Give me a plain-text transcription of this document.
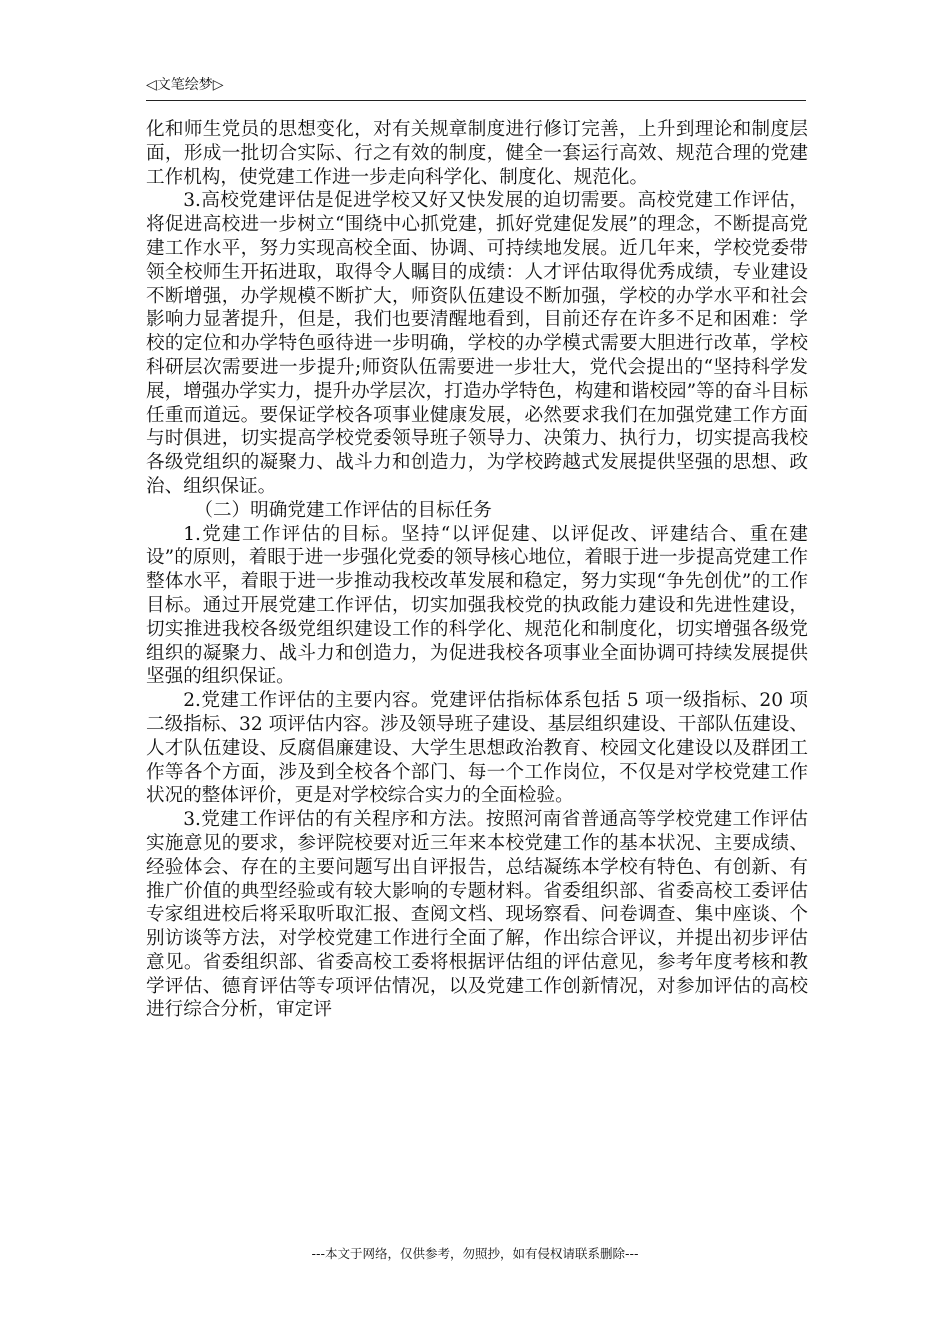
◁文笔绘梦▷

化和师生党员的思想变化，对有关规章制度进行修订完善，上升到理论和制度层面，形成一批切合实际、行之有效的制度，健全一套运行高效、规范合理的党建工作机构，使党建工作进一步走向科学化、制度化、规范化。

3.高校党建评估是促进学校又好又快发展的迫切需要。高校党建工作评估，将促进高校进一步树立“围绕中心抓党建，抓好党建促发展”的理念，不断提高党建工作水平，努力实现高校全面、协调、可持续地发展。近几年来，学校党委带领全校师生开拓进取，取得令人瞩目的成绩：人才评估取得优秀成绩，专业建设不断增强，办学规模不断扩大，师资队伍建设不断加强，学校的办学水平和社会影响力显著提升，但是，我们也要清醒地看到，目前还存在许多不足和困难：学校的定位和办学特色亟待进一步明确，学校的办学模式需要大胆进行改革，学校科研层次需要进一步提升;师资队伍需要进一步壮大，党代会提出的“坚持科学发展，增强办学实力，提升办学层次，打造办学特色，构建和谐校园”等的奋斗目标任重而道远。要保证学校各项事业健康发展，必然要求我们在加强党建工作方面与时俱进，切实提高学校党委领导班子领导力、决策力、执行力，切实提高我校各级党组织的凝聚力、战斗力和创造力，为学校跨越式发展提供坚强的思想、政治、组织保证。

（二）明确党建工作评估的目标任务

1.党建工作评估的目标。坚持“以评促建、以评促改、评建结合、重在建设”的原则，着眼于进一步强化党委的领导核心地位，着眼于进一步提高党建工作整体水平，着眼于进一步推动我校改革发展和稳定，努力实现“争先创优”的工作目标。通过开展党建工作评估，切实加强我校党的执政能力建设和先进性建设，切实推进我校各级党组织建设工作的科学化、规范化和制度化，切实增强各级党组织的凝聚力、战斗力和创造力，为促进我校各项事业全面协调可持续发展提供坚强的组织保证。

2.党建工作评估的主要内容。党建评估指标体系包括 5 项一级指标、20 项二级指标、32 项评估内容。涉及领导班子建设、基层组织建设、干部队伍建设、人才队伍建设、反腐倡廉建设、大学生思想政治教育、校园文化建设以及群团工作等各个方面，涉及到全校各个部门、每一个工作岗位，不仅是对学校党建工作状况的整体评价，更是对学校综合实力的全面检验。

3.党建工作评估的有关程序和方法。按照河南省普通高等学校党建工作评估实施意见的要求，参评院校要对近三年来本校党建工作的基本状况、主要成绩、经验体会、存在的主要问题写出自评报告，总结凝练本学校有特色、有创新、有推广价值的典型经验或有较大影响的专题材料。省委组织部、省委高校工委评估专家组进校后将采取听取汇报、查阅文档、现场察看、问卷调查、集中座谈、个别访谈等方法，对学校党建工作进行全面了解，作出综合评议，并提出初步评估意见。省委组织部、省委高校工委将根据评估组的评估意见，参考年度考核和教学评估、德育评估等专项评估情况，以及党建工作创新情况，对参加评估的高校进行综合分析，审定评

---本文于网络，仅供参考，勿照抄，如有侵权请联系删除---
